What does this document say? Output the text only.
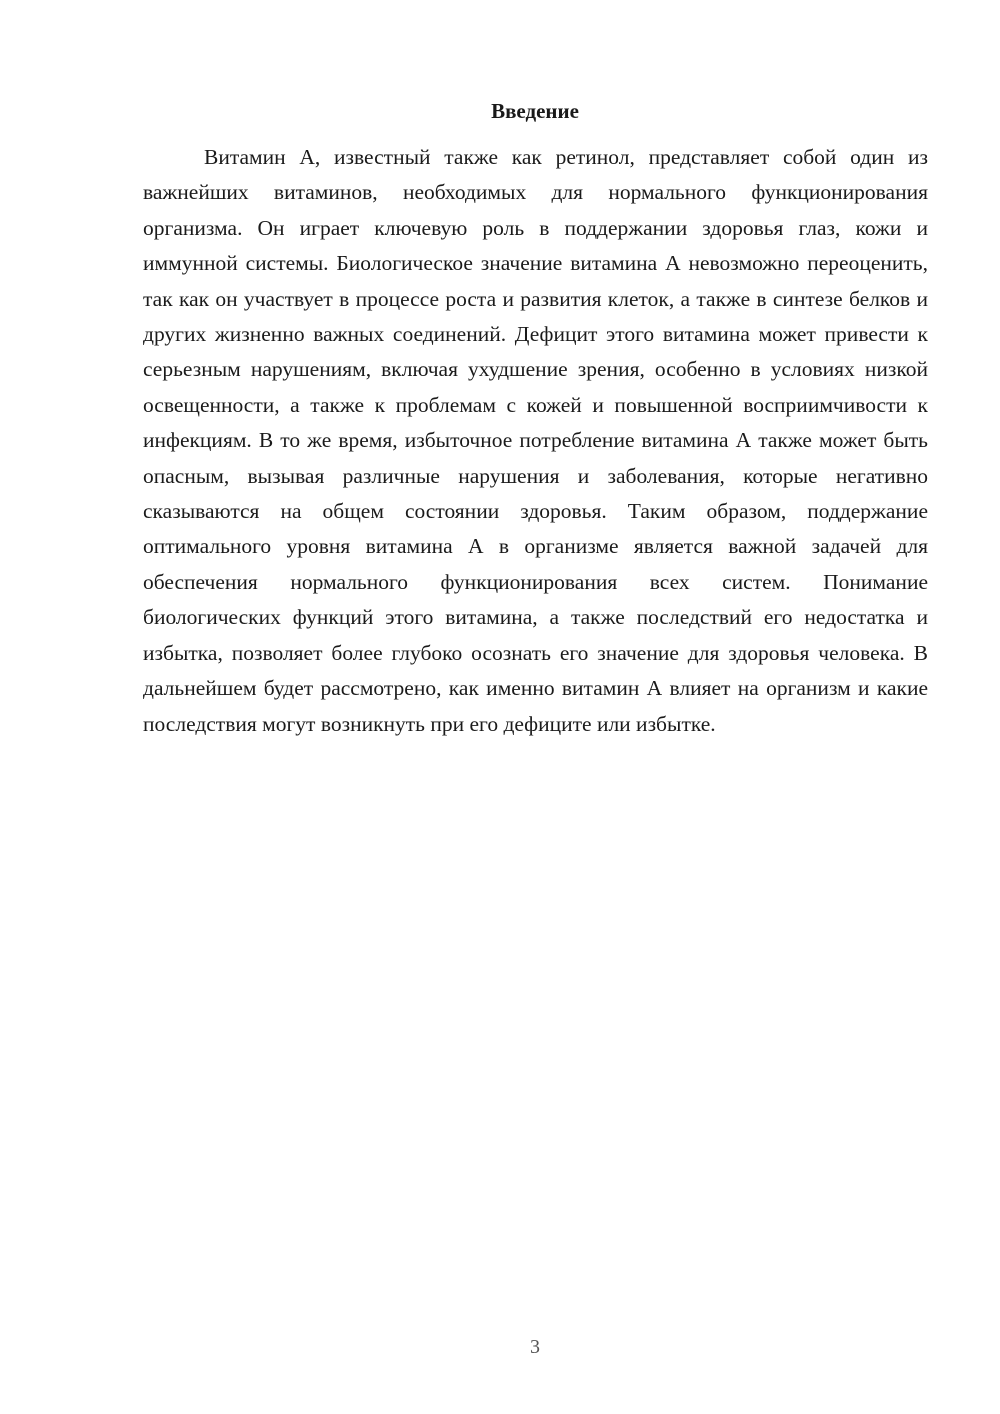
Введение

Витамин А, известный также как ретинол, представляет собой один из важнейших витаминов, необходимых для нормального функционирования организма. Он играет ключевую роль в поддержании здоровья глаз, кожи и иммунной системы. Биологическое значение витамина А невозможно переоценить, так как он участвует в процессе роста и развития клеток, а также в синтезе белков и других жизненно важных соединений. Дефицит этого витамина может привести к серьезным нарушениям, включая ухудшение зрения, особенно в условиях низкой освещенности, а также к проблемам с кожей и повышенной восприимчивости к инфекциям. В то же время, избыточное потребление витамина А также может быть опасным, вызывая различные нарушения и заболевания, которые негативно сказываются на общем состоянии здоровья. Таким образом, поддержание оптимального уровня витамина А в организме является важной задачей для обеспечения нормального функционирования всех систем. Понимание биологических функций этого витамина, а также последствий его недостатка и избытка, позволяет более глубоко осознать его значение для здоровья человека. В дальнейшем будет рассмотрено, как именно витамин А влияет на организм и какие последствия могут возникнуть при его дефиците или избытке.

3
